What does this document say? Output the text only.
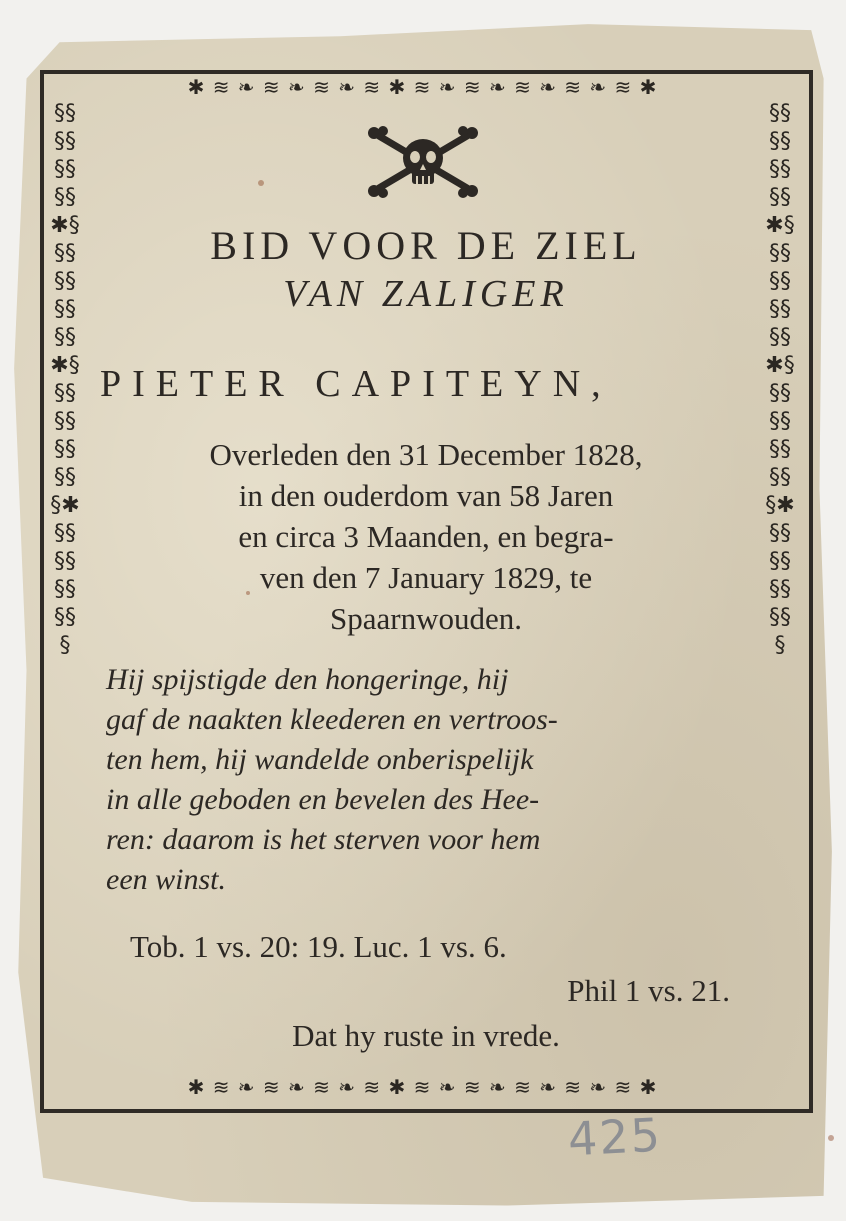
✱ ≋ ❧ ≋ ❧ ≋ ❧ ≋ ✱ ≋ ❧ ≋ ❧ ≋ ❧ ≋ ❧ ≋ ✱
✱ ≋ ❧ ≋ ❧ ≋ ❧ ≋ ✱ ≋ ❧ ≋ ❧ ≋ ❧ ≋ ❧ ≋ ✱
§§§§§§§§✱§§§§§§§§§✱§§§§§§§§§§✱§§§§§§§§§
§§§§§§§§✱§§§§§§§§§✱§§§§§§§§§§✱§§§§§§§§§
BID VOOR DE ZIEL
VAN ZALIGER
PIETER CAPITEYN,
Overleden den 31 December 1828,
in den ouderdom van 58 Jaren
en circa 3 Maanden, en begra-
ven den 7 January 1829, te
Spaarnwouden.
Hij spijstigde den hongeringe, hij
gaf de naakten kleederen en vertroos-
ten hem, hij wandelde onberispelijk
in alle geboden en bevelen des Hee-
ren: daarom is het sterven voor hem
een winst.
Tob. 1 vs. 20: 19. Luc. 1 vs. 6.
Phil 1 vs. 21.
Dat hy ruste in vrede.
425
